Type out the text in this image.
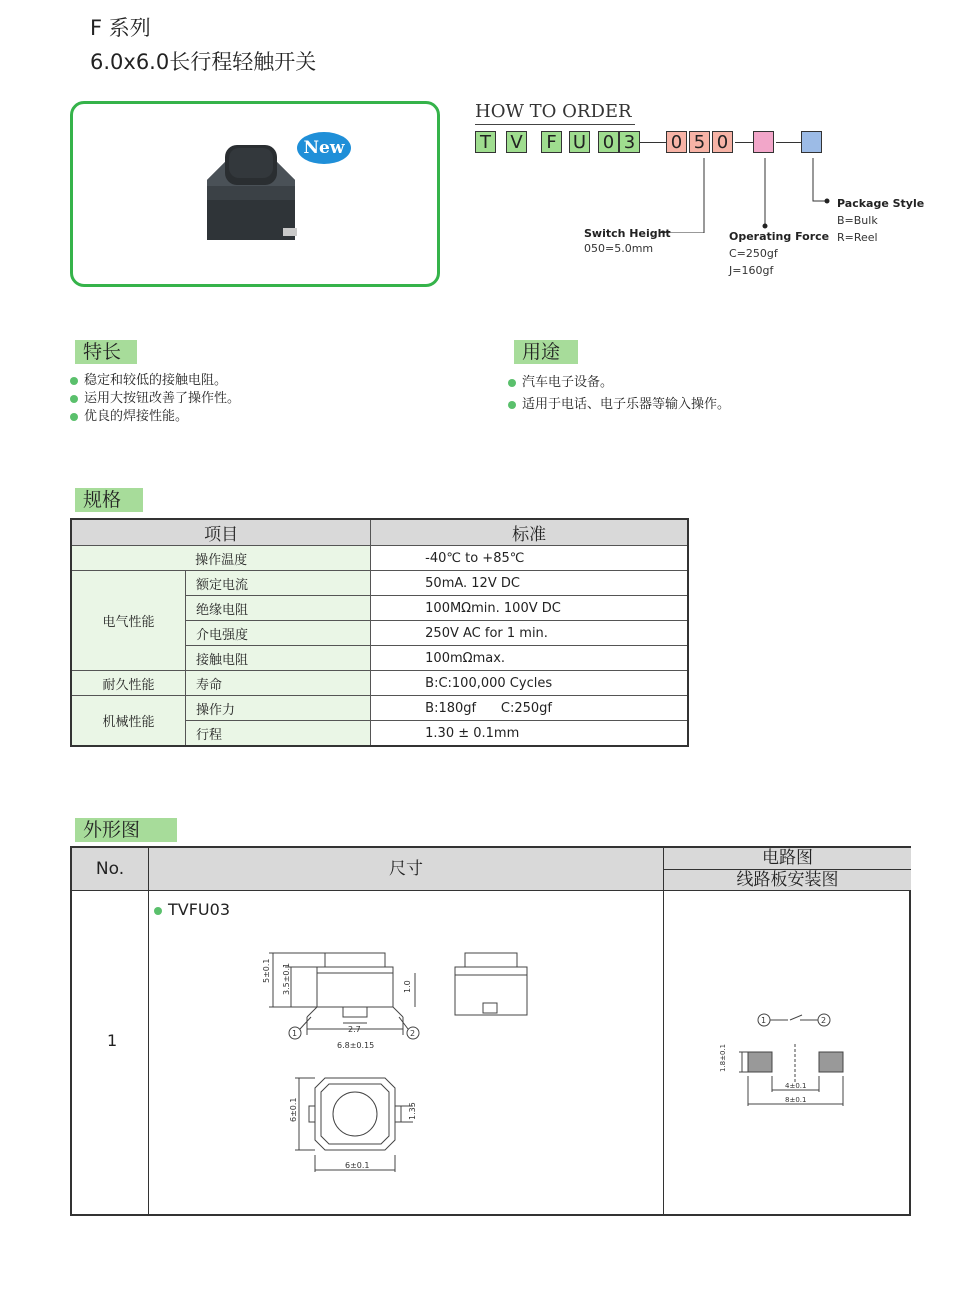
F 系列
6.0x6.0长行程轻触开关
New
HOW TO ORDER
T V F U 0 3 0 5 0
Switch Height
050=5.0mm
Operating Force
C=250gf
J=160gf
Package Style
B=Bulk
R=Reel
特长
稳定和较低的接触电阻。
运用大按钮改善了操作性。
优良的焊接性能。
用途
汽车电子设备。
适用于电话、电子乐器等输入操作。
规格
项目		标准
操作温度		-40℃ to +85℃
电气性能	额定电流	50mA. 12V DC
	绝缘电阻	100MΩmin. 100V DC
	介电强度	250V AC for 1 min.
	接触电阻	100mΩmax.
耐久性能	寿命	B:C:100,000 Cycles
机械性能	操作力	B:180gf      C:250gf
	行程	1.30 ± 0.1mm
外形图
No.	尺寸
电路图
线路板安装图
1
TVFU03
5±0.1 3.5±0.1	1.0
2.7
6.8±0.15
1	2
6±0.1	1.35
6±0.1
1	2
1.8±0.1
4±0.1
8±0.1
